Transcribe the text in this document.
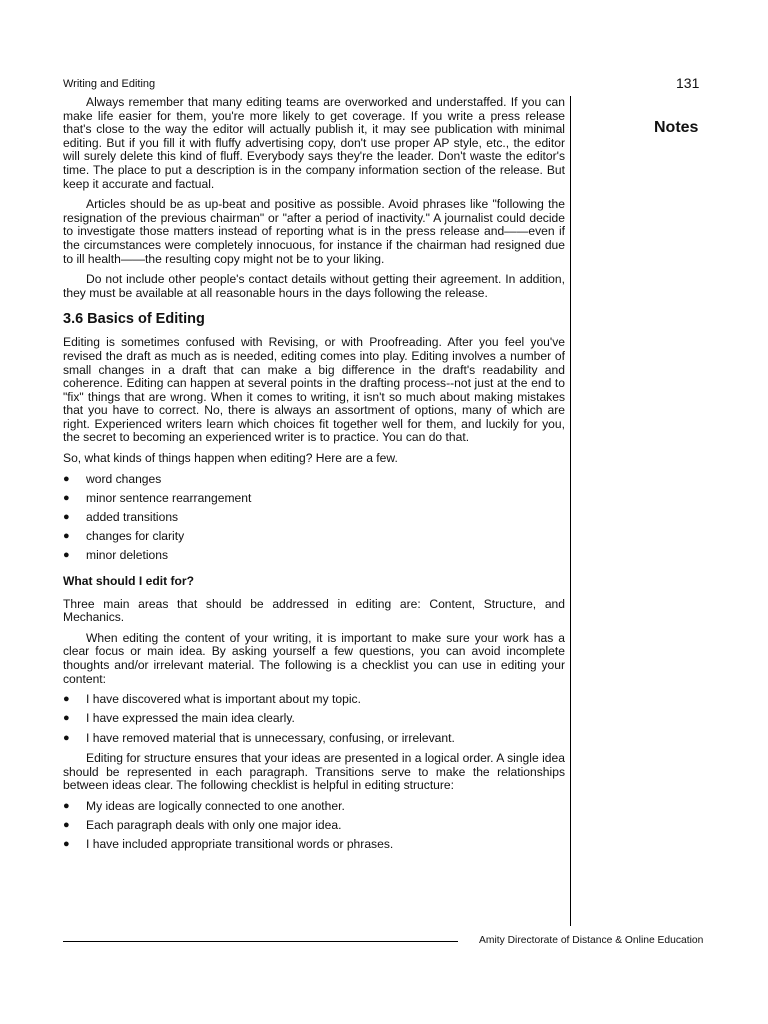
Writing and Editing	131
Notes

Always remember that many editing teams are overworked and understaffed. If you can make life easier for them, you're more likely to get coverage. If you write a press release that's close to the way the editor will actually publish it, it may see publication with minimal editing. But if you fill it with fluffy advertising copy, don't use proper AP style, etc., the editor will surely delete this kind of fluff. Everybody says they're the leader. Don't waste the editor's time. The place to put a description is in the company information section of the release. But keep it accurate and factual.

Articles should be as up-beat and positive as possible. Avoid phrases like "following the resignation of the previous chairman" or "after a period of inactivity." A journalist could decide to investigate those matters instead of reporting what is in the press release and——even if the circumstances were completely innocuous, for instance if the chairman had resigned due to ill health——the resulting copy might not be to your liking.

Do not include other people's contact details without getting their agreement. In addition, they must be available at all reasonable hours in the days following the release.

3.6 Basics of Editing

Editing is sometimes confused with Revising, or with Proofreading. After you feel you've revised the draft as much as is needed, editing comes into play. Editing involves a number of small changes in a draft that can make a big difference in the draft's readability and coherence. Editing can happen at several points in the drafting process--not just at the end to "fix" things that are wrong. When it comes to writing, it isn't so much about making mistakes that you have to correct. No, there is always an assortment of options, many of which are right. Experienced writers learn which choices fit together well for them, and luckily for you, the secret to becoming an experienced writer is to practice. You can do that.

So, what kinds of things happen when editing? Here are a few.

● word changes
● minor sentence rearrangement
● added transitions
● changes for clarity
● minor deletions
What should I edit for?

Three main areas that should be addressed in editing are: Content, Structure, and Mechanics.

When editing the content of your writing, it is important to make sure your work has a clear focus or main idea. By asking yourself a few questions, you can avoid incomplete thoughts and/or irrelevant material. The following is a checklist you can use in editing your content:

● I have discovered what is important about my topic.
● I have expressed the main idea clearly.
● I have removed material that is unnecessary, confusing, or irrelevant.

Editing for structure ensures that your ideas are presented in a logical order. A single idea should be represented in each paragraph. Transitions serve to make the relationships between ideas clear. The following checklist is helpful in editing structure:

● My ideas are logically connected to one another.
● Each paragraph deals with only one major idea.
● I have included appropriate transitional words or phrases.
Amity Directorate of Distance & Online Education
